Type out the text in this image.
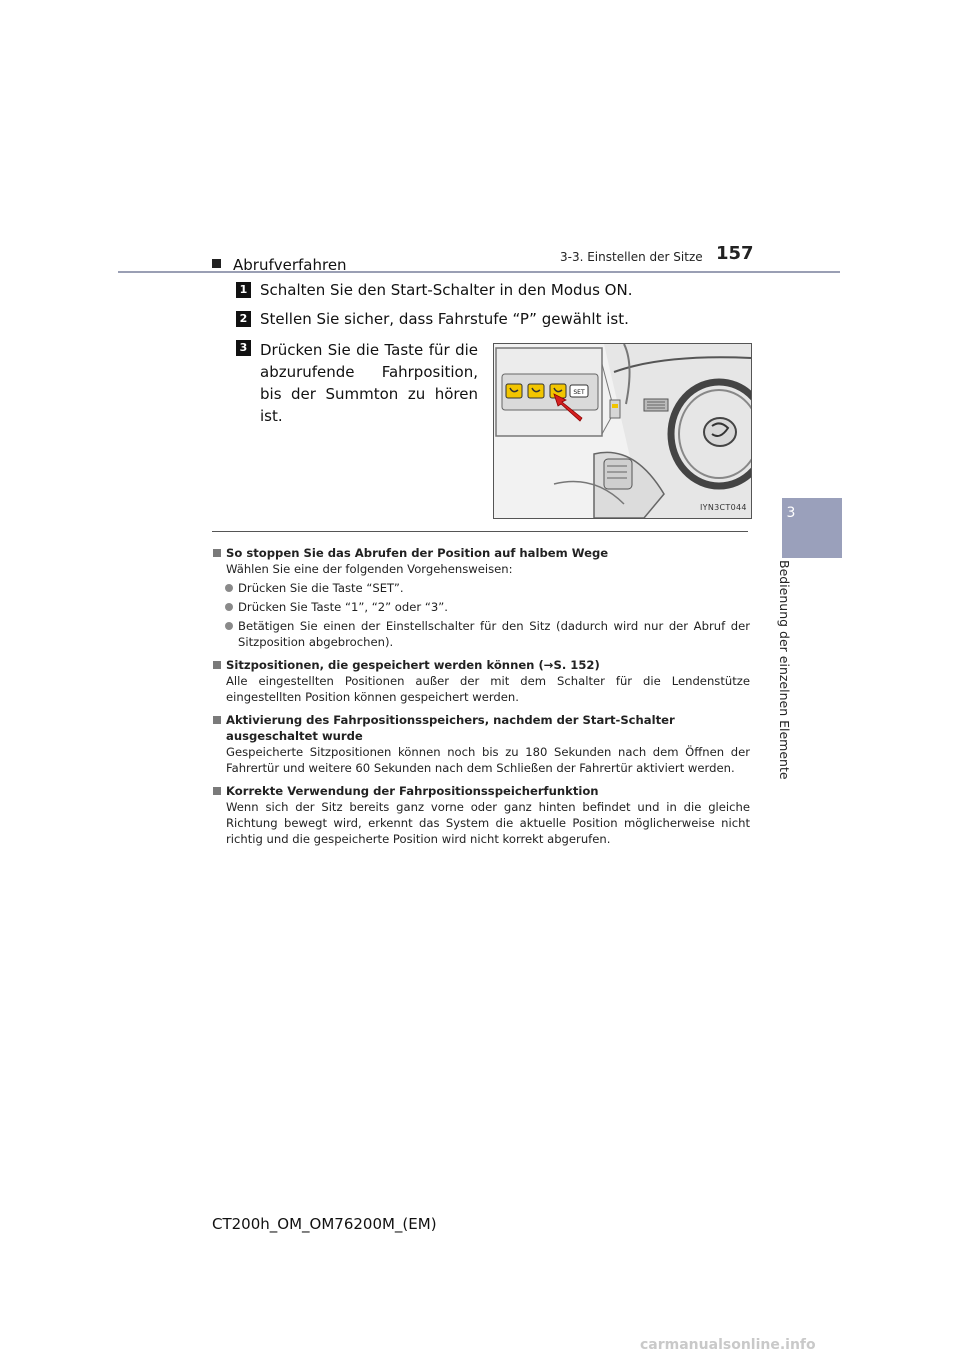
3-3. Einstellen der Sitze 157
3
Bedienung der einzelnen Elemente
Abrufverfahren
1 Schalten Sie den Start-Schalter in den Modus ON.
2 Stellen Sie sicher, dass Fahrstufe “P” gewählt ist.
3 Drücken Sie die Taste für die abzurufende Fahrposition, bis der Summton zu hören ist.
SET
IYN3CT044
So stoppen Sie das Abrufen der Position auf halbem Wege
Wählen Sie eine der folgenden Vorgehensweisen:
Drücken Sie die Taste “SET”.
Drücken Sie Taste “1”, “2” oder “3”.
Betätigen Sie einen der Einstellschalter für den Sitz (dadurch wird nur der Abruf der Sitzposition abgebrochen).
Sitzpositionen, die gespeichert werden können (→S. 152)
Alle eingestellten Positionen außer der mit dem Schalter für die Lendenstütze eingestellten Position können gespeichert werden.
Aktivierung des Fahrpositionsspeichers, nachdem der Start-Schalter ausgeschaltet wurde
Gespeicherte Sitzpositionen können noch bis zu 180 Sekunden nach dem Öffnen der Fahrertür und weitere 60 Sekunden nach dem Schließen der Fahrertür aktiviert werden.
Korrekte Verwendung der Fahrpositionsspeicherfunktion
Wenn sich der Sitz bereits ganz vorne oder ganz hinten befindet und in die gleiche Richtung bewegt wird, erkennt das System die aktuelle Position möglicherweise nicht richtig und die gespeicherte Position wird nicht korrekt abgerufen.
CT200h_OM_OM76200M_(EM)
carmanualsonline.info
